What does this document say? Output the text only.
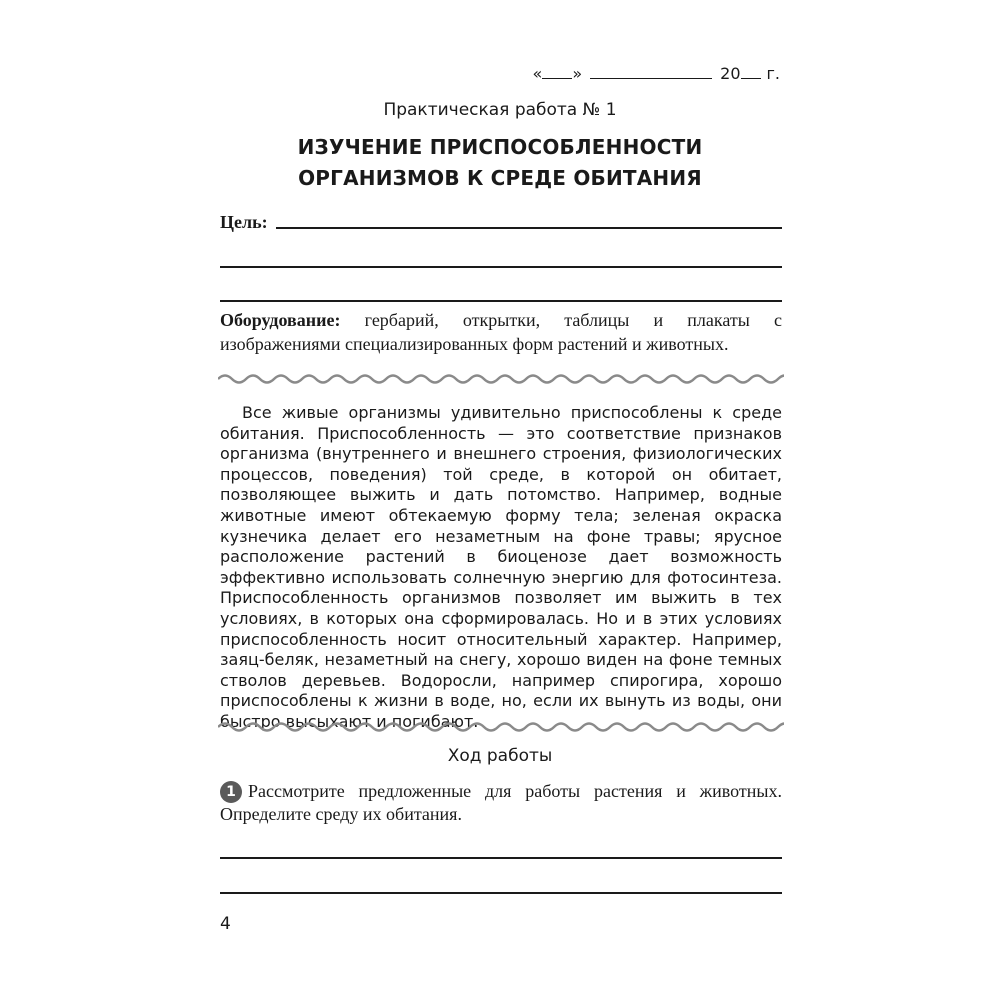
« »	20 г.
Практическая работа № 1
ИЗУЧЕНИЕ ПРИСПОСОБЛЕННОСТИ
ОРГАНИЗМОВ К СРЕДЕ ОБИТАНИЯ
Цель:
Оборудование: гербарий, открытки, таблицы и плакаты с изображениями специализированных форм растений и животных.

Все живые организмы удивительно приспособлены к среде обитания. Приспособленность — это соответствие признаков организма (внутреннего и внешнего строения, физиологических процессов, поведения) той среде, в которой он обитает, позволяющее выжить и дать потомство. Например, водные животные имеют обтекаемую форму тела; зеленая окраска кузнечика делает его незаметным на фоне травы; ярусное расположение растений в биоценозе дает возможность эффективно использовать солнечную энергию для фотосинтеза. Приспособленность организмов позволяет им выжить в тех условиях, в которых она сформировалась. Но и в этих условиях приспособленность носит относительный характер. Например, заяц-беляк, незаметный на снегу, хорошо виден на фоне темных стволов деревьев. Водоросли, например спирогира, хорошо приспособлены к жизни в воде, но, если их вынуть из воды, они быстро высыхают и погибают.

Ход работы
1 Рассмотрите предложенные для работы растения и животных. Определите среду их обитания.
4
